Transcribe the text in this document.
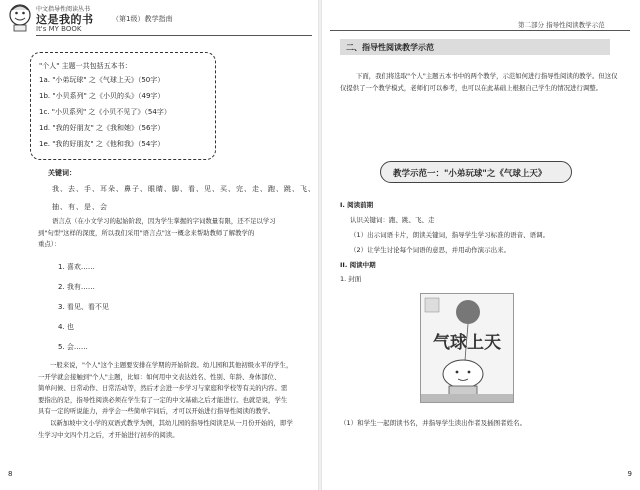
中文指导性阅读丛书
这是我的书	（第1级）教学指南
It's MY BOOK
"个人" 主题一共包括五本书：
1a. "小弟玩球" 之《气球上天》（50字）
1b. "小贝系列" 之《小贝的头》（49字）
1c. "小贝系列" 之《小贝不见了》（54字）
1d. "我的好朋友" 之《我和她》（56字）
1e. "我的好朋友" 之《他和我》（54字）
关键词：
我、去、手、耳朵、鼻子、眼睛、脚、看、见、买、完、走、跑、跳、飞、
抽、有、是、会
语言点（在小文学习的起始阶段，因为学生掌握的字词数量有限，还不足以学习
到"句型"这样的深度，所以我们采用"语言点"这一概念来帮助教师了解教学的
重点）：
1. 喜欢……
2. 我有……
3. 看见、看不见
4. 也
5. 会……
一般来说，"个人"这个主题要安排在学期的开始阶段。幼儿园和其他初级水平的学生，
一开学就会接触到"个人"主题，比如：如何用中文表达姓名、性别、年龄、身体部位、
简单问候、日常动作、日常活动等，然后才会进一步学习与家庭和学校等有关的内容。需
要指出的是，指导性阅读必须在学生有了一定的中文基础之后才能进行。也就是说，学生
具有一定的听说能力，并学会一些简单字词后，才可以开始进行指导性阅读的教学。
以新加坡中文小学的双语式教学为例，其幼儿园的指导性阅读是从一月份开始的，即学
生学习中文四个月之后，才开始进行初步的阅读。
8
第二部分 指导性阅读教学示范
二、指导性阅读教学示范
下面，我们将选取"个人"主题五本书中的两个教学，示范如何进行指导性阅读的教学。但这仅仅提供了一个教学模式，老师们可以参考，也可以在此基础上根据自己学生的情况进行调整。
教学示范一："小弟玩球"之《气球上天》
I. 阅读前期
认识关键词：跑、跳、飞、走
（1）出示词语卡片，朗读关键词，指导学生学习标准的语音、语调。
（2）让学生讨论每个词语的意思，并用动作演示出来。
II. 阅读中期
1. 封面
气球上天
（1）和学生一起朗读书名，并指导学生读出作者及插图者姓名。
9
